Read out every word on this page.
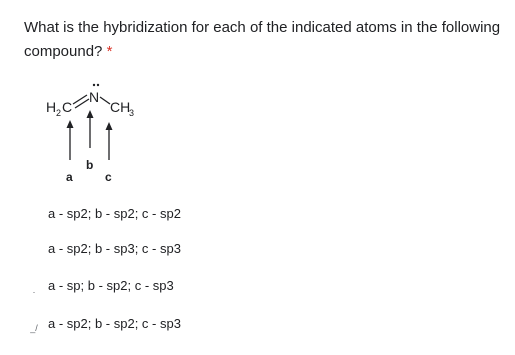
What is the hybridization for each of the indicated atoms in the following compound? *
H 2 C
N
CH
3
a
b
c
a - sp2; b - sp2; c - sp2
a - sp2; b - sp3; c - sp3
. a - sp; b - sp2; c - sp3
_/ a - sp2; b - sp2; c - sp3
